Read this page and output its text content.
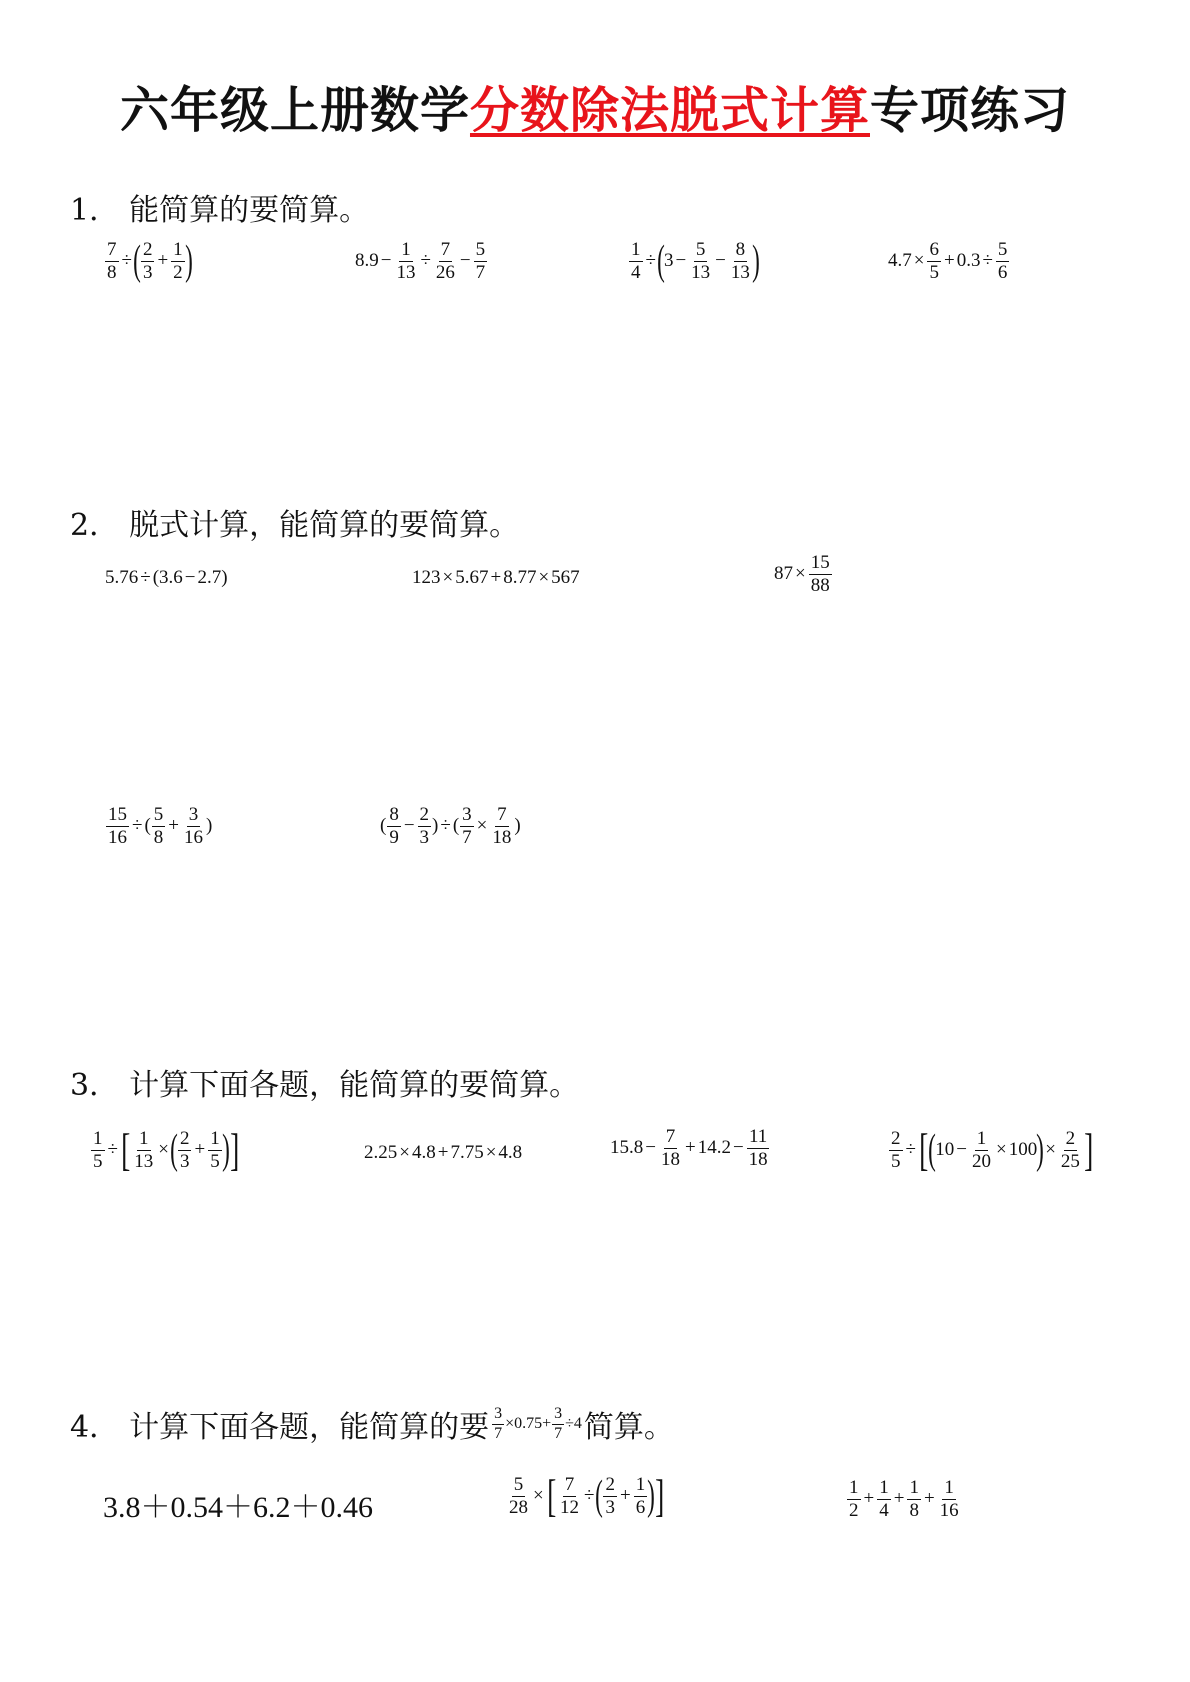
六年级上册数学分数除法脱式计算专项练习
1． 能简算的要简算。
$\frac{7}{8}$ ÷ ( $\frac{2}{3} + \frac{1}{2}$ )	$8.9 - \frac{1}{13} \div \frac{7}{26} - \frac{5}{7}$	$\frac{1}{4}$ ÷ ( $3 - \frac{5}{13} - \frac{8}{13}$ )	$4.7 \times \frac{6}{5} + 0.3 \div \frac{5}{6}$
2． 脱式计算，能简算的要简算。
5.76 ÷ (3.6 − 2.7)	123 × 5.67 + 8.77 × 567	$87 \times \frac{15}{88}$
$\frac{15}{16}$ ÷ ( $\frac{5}{8} + \frac{3}{16}$ )	( $\frac{8}{9} - \frac{2}{3}$ ) ÷ ( $\frac{3}{7} \times \frac{7}{18}$ )
3． 计算下面各题，能简算的要简算。
$\frac{1}{5}$ ÷ [ $\frac{1}{13}$ × ( $\frac{2}{3} + \frac{1}{5}$ ) ]	2.25 × 4.8 + 7.75 × 4.8	$15.8 - \frac{7}{18} + 14.2 - \frac{11}{18}$	$\frac{2}{5}$ ÷ [ ( $10 - \frac{1}{20} \times 100$ ) × $\frac{2}{25}$ ]
4． 计算下面各题，能简算的要 $\frac{3}{7} \times 0.75+ \frac{3}{7} \div 4$ 简算。
3.8＋0.54＋6.2＋0.46	$\frac{5}{28}$ × [ $\frac{7}{12}$ ÷ ( $\frac{2}{3} + \frac{1}{6}$ ) ]	$\frac{1}{2} + \frac{1}{4} + \frac{1}{8} + \frac{1}{16}$
